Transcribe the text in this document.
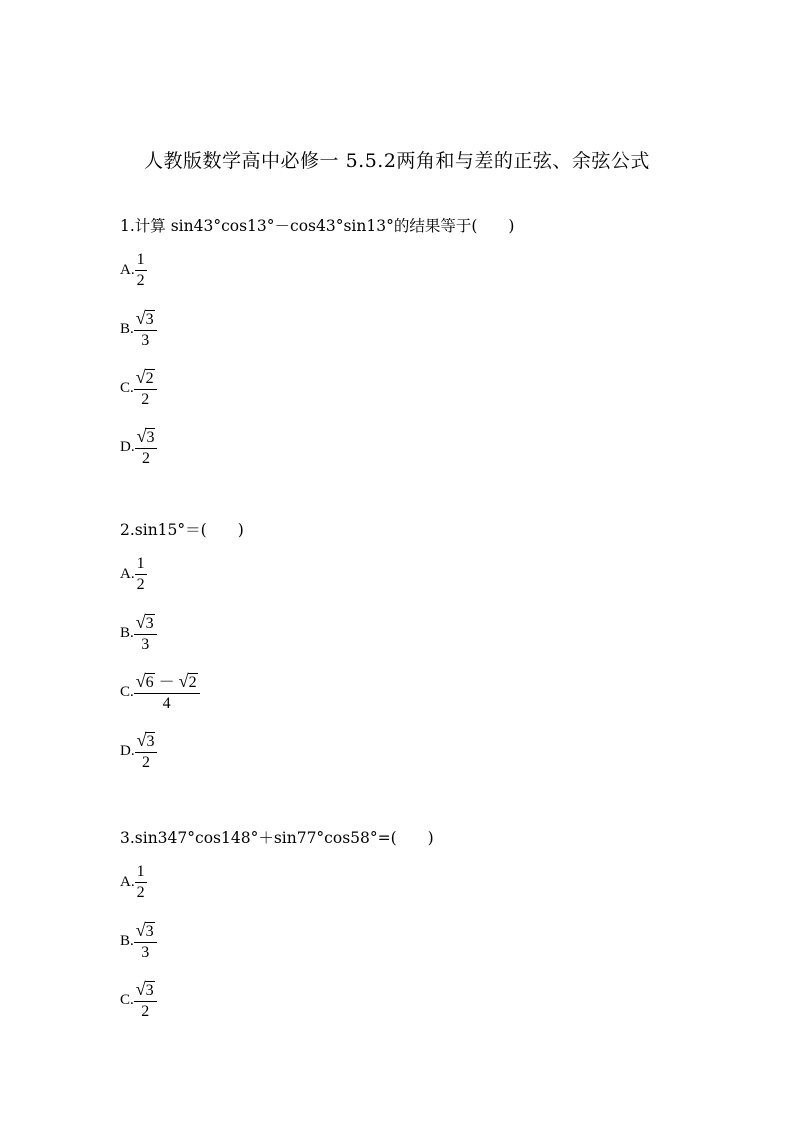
人教版数学高中必修一 5.5.2两角和与差的正弦、余弦公式
1.计算 sin43°cos13°－cos43°sin13°的结果等于(　　)
A. $\frac{1}{2}$
B. $\frac{√ 3}{3}$
C. $\frac{√ 2}{2}$
D. $\frac{√ 3}{2}$
2.sin15°＝(　　)
A. $\frac{1}{2}$
B. $\frac{√ 3}{3}$
C. $\frac{√ 6 - √ 2}{4}$
D. $\frac{√ 3}{2}$
3.sin347°cos148°＋sin77°cos58°=(　　)
A. $\frac{1}{2}$
B. $\frac{√ 3}{3}$
C. $\frac{√ 3}{2}$
